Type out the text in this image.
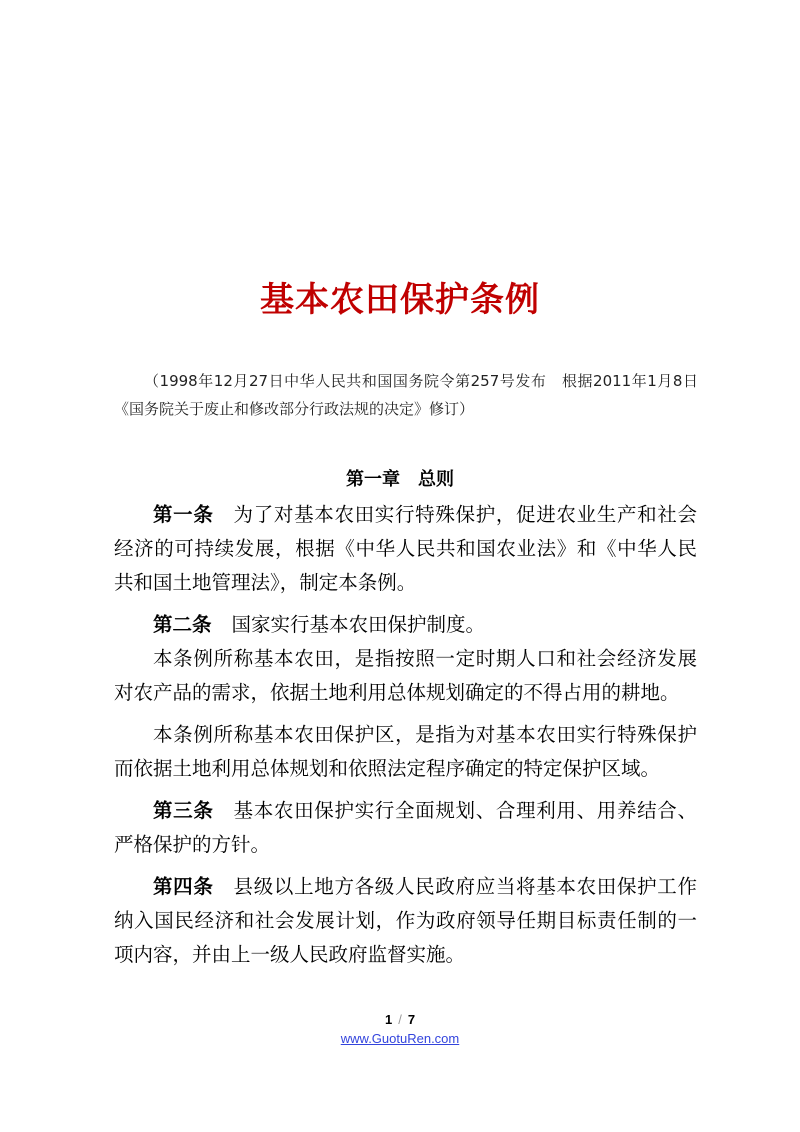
基本农田保护条例
（1998年12月27日中华人民共和国国务院令第257号发布　根据2011年1月8日《国务院关于废止和修改部分行政法规的决定》修订）
第一章　总则

第一条 为了对基本农田实行特殊保护，促进农业生产和社会经济的可持续发展，根据《中华人民共和国农业法》和《中华人民共和国土地管理法》，制定本条例。

第二条 国家实行基本农田保护制度。

本条例所称基本农田，是指按照一定时期人口和社会经济发展对农产品的需求，依据土地利用总体规划确定的不得占用的耕地。

本条例所称基本农田保护区，是指为对基本农田实行特殊保护而依据土地利用总体规划和依照法定程序确定的特定保护区域。

第三条 基本农田保护实行全面规划、合理利用、用养结合、严格保护的方针。

第四条 县级以上地方各级人民政府应当将基本农田保护工作纳入国民经济和社会发展计划，作为政府领导任期目标责任制的一项内容，并由上一级人民政府监督实施。

1 / 7
www.GuotuRen.com
